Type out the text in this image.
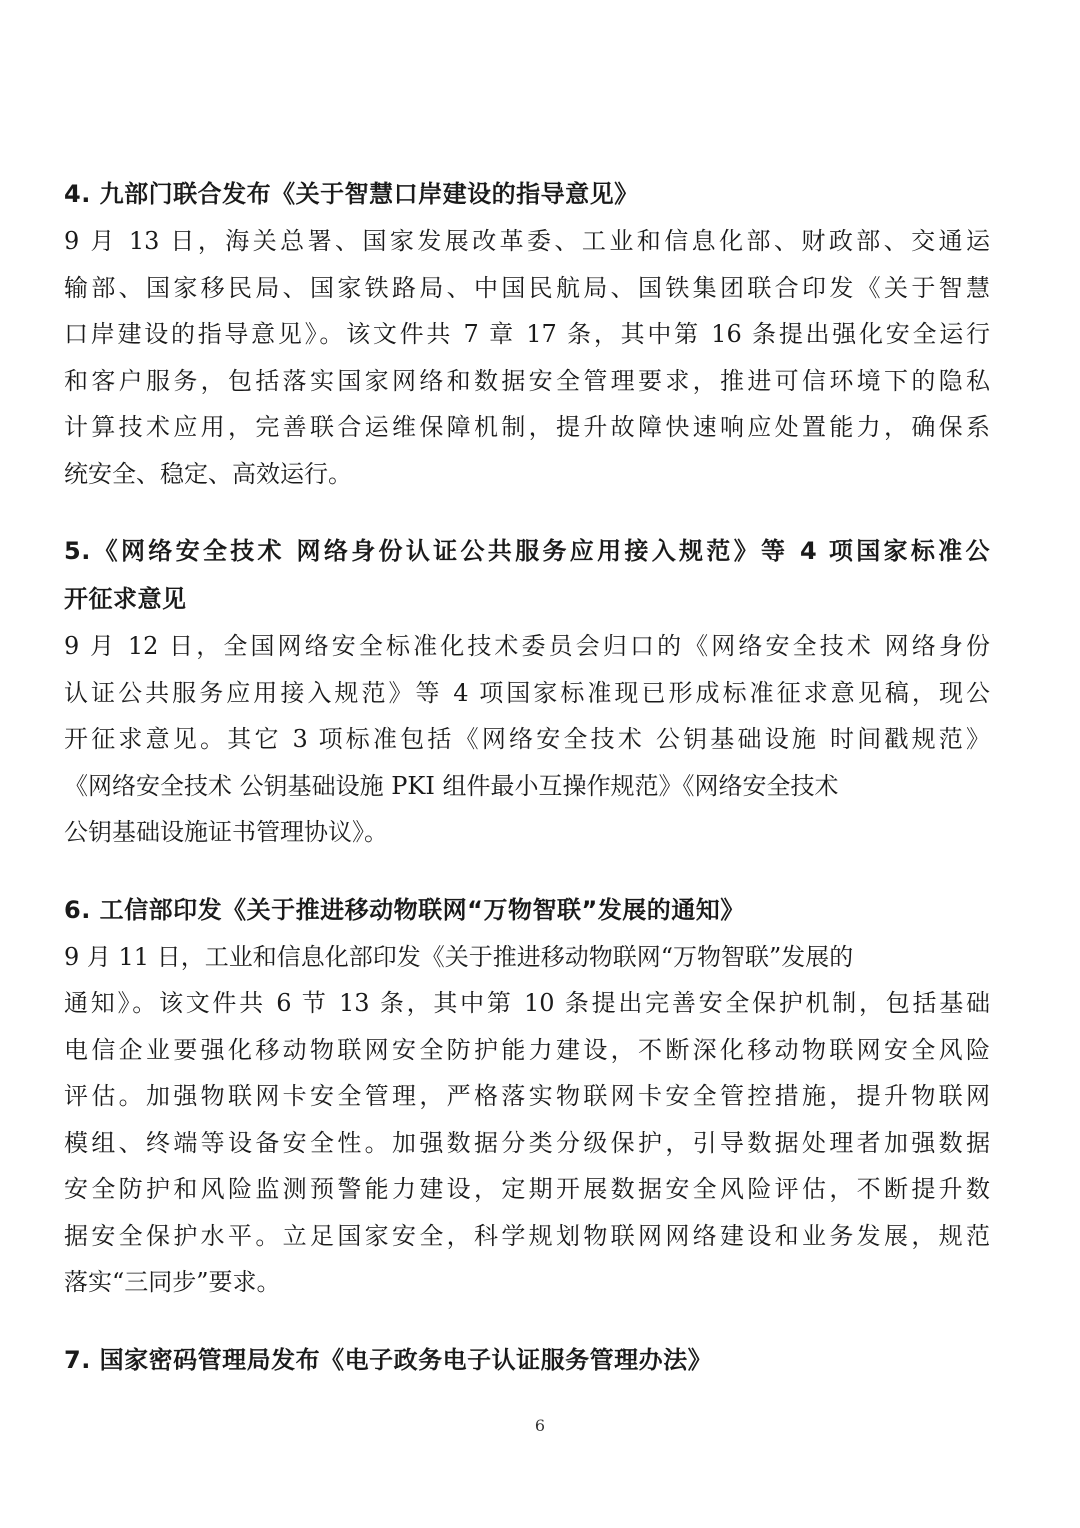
4. 九部门联合发布《关于智慧口岸建设的指导意见》
9 月 13 日，海关总署、国家发展改革委、工业和信息化部、财政部、交通运
输部、国家移民局、国家铁路局、中国民航局、国铁集团联合印发《关于智慧
口岸建设的指导意见》。该文件共 7 章 17 条，其中第 16 条提出强化安全运行
和客户服务，包括落实国家网络和数据安全管理要求，推进可信环境下的隐私
计算技术应用，完善联合运维保障机制，提升故障快速响应处置能力，确保系
统安全、稳定、高效运行。
5.《网络安全技术 网络身份认证公共服务应用接入规范》等 4 项国家标准公
开征求意见
9 月 12 日，全国网络安全标准化技术委员会归口的《网络安全技术 网络身份
认证公共服务应用接入规范》等 4 项国家标准现已形成标准征求意见稿，现公
开征求意见。其它 3 项标准包括《网络安全技术 公钥基础设施 时间戳规范》
《网络安全技术 公钥基础设施 PKI 组件最小互操作规范》《网络安全技术
公钥基础设施证书管理协议》。
6. 工信部印发《关于推进移动物联网“万物智联”发展的通知》
9 月 11 日，工业和信息化部印发《关于推进移动物联网“万物智联”发展的
通知》。该文件共 6 节 13 条，其中第 10 条提出完善安全保护机制，包括基础
电信企业要强化移动物联网安全防护能力建设，不断深化移动物联网安全风险
评估。加强物联网卡安全管理，严格落实物联网卡安全管控措施，提升物联网
模组、终端等设备安全性。加强数据分类分级保护，引导数据处理者加强数据
安全防护和风险监测预警能力建设，定期开展数据安全风险评估，不断提升数
据安全保护水平。立足国家安全，科学规划物联网网络建设和业务发展，规范
落实“三同步”要求。
7. 国家密码管理局发布《电子政务电子认证服务管理办法》
6
